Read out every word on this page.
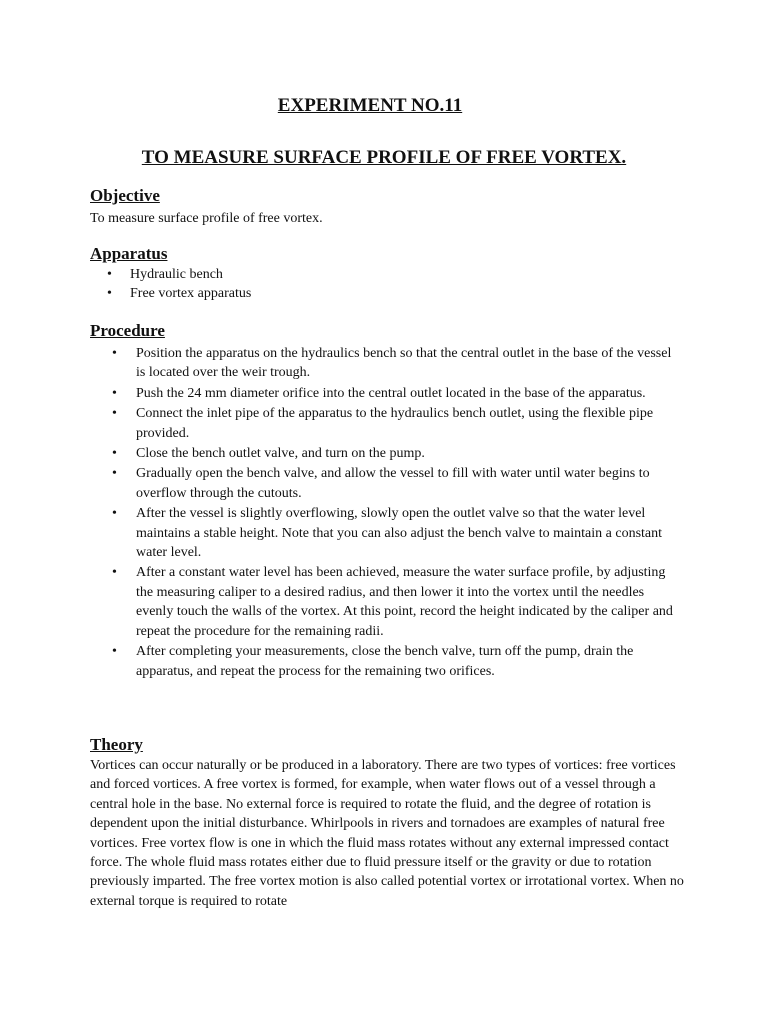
EXPERIMENT NO.11
TO MEASURE SURFACE PROFILE OF FREE VORTEX.
Objective

To measure surface profile of free vortex.

Apparatus
• Hydraulic bench
• Free vortex apparatus
Procedure
• Position the apparatus on the hydraulics bench so that the central outlet in the base of the vessel is located over the weir trough.
• Push the 24 mm diameter orifice into the central outlet located in the base of the apparatus.
• Connect the inlet pipe of the apparatus to the hydraulics bench outlet, using the flexible pipe provided.
• Close the bench outlet valve, and turn on the pump.
• Gradually open the bench valve, and allow the vessel to fill with water until water begins to overflow through the cutouts.
• After the vessel is slightly overflowing, slowly open the outlet valve so that the water level maintains a stable height. Note that you can also adjust the bench valve to maintain a constant water level.
• After a constant water level has been achieved, measure the water surface profile, by adjusting the measuring caliper to a desired radius, and then lower it into the vortex until the needles evenly touch the walls of the vortex. At this point, record the height indicated by the caliper and repeat the procedure for the remaining radii.
• After completing your measurements, close the bench valve, turn off the pump, drain the apparatus, and repeat the process for the remaining two orifices.
Theory

Vortices can occur naturally or be produced in a laboratory. There are two types of vortices: free vortices and forced vortices. A free vortex is formed, for example, when water flows out of a vessel through a central hole in the base. No external force is required to rotate the fluid, and the degree of rotation is dependent upon the initial disturbance. Whirlpools in rivers and tornadoes are examples of natural free vortices. Free vortex flow is one in which the fluid mass rotates without any external impressed contact force. The whole fluid mass rotates either due to fluid pressure itself or the gravity or due to rotation previously imparted. The free vortex motion is also called potential vortex or irrotational vortex. When no external torque is required to rotate
